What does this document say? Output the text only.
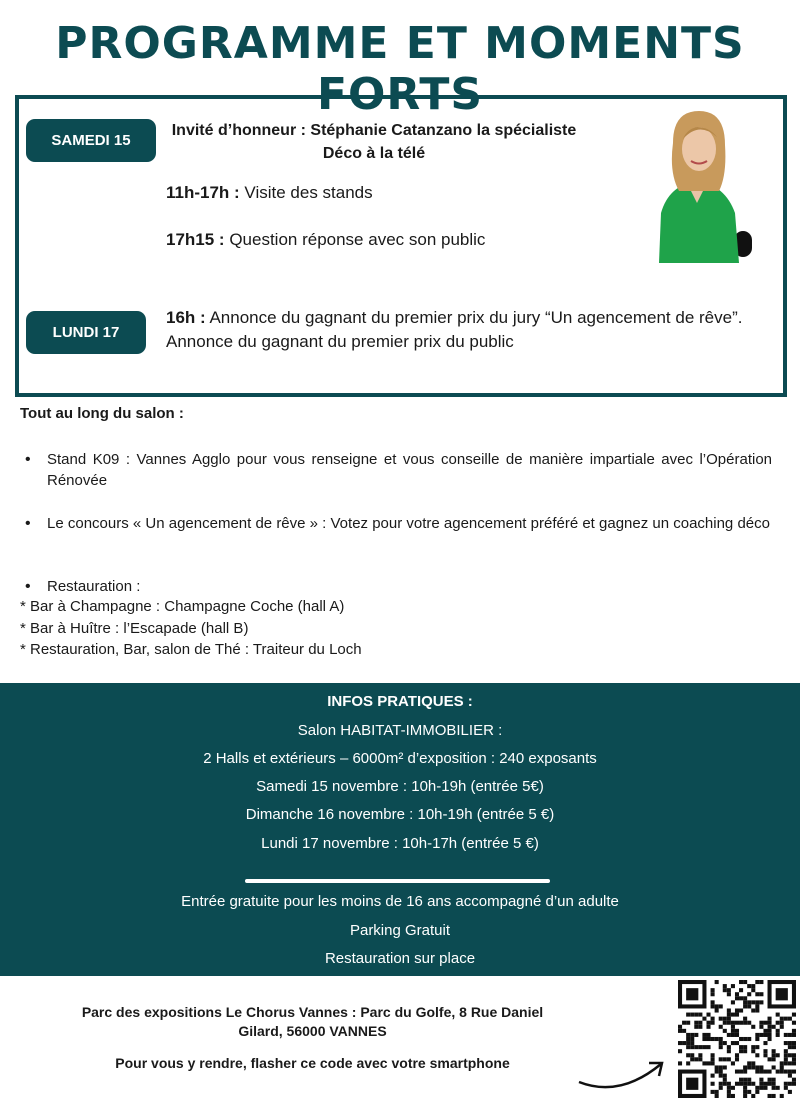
PROGRAMME ET MOMENTS FORTS
SAMEDI 15
Invité d’honneur : Stéphanie Catanzano la spécialiste Déco à la télé
11h-17h : Visite des stands
17h15 : Question réponse avec son public
LUNDI 17
16h : Annonce du gagnant du premier prix du jury “Un agencement de rêve”.
Annonce du gagnant du premier prix du public
Tout au long du salon :
• Stand K09 : Vannes Agglo pour vous renseigne et vous conseille de manière impartiale avec l’Opération Rénovée
• Le concours « Un agencement de rêve » : Votez pour votre agencement préféré et gagnez un coaching déco
• Restauration :
* Bar à Champagne : Champagne Coche (hall A)
* Bar à Huître : l’Escapade (hall B)
* Restauration, Bar, salon de Thé : Traiteur du Loch
INFOS PRATIQUES :
Salon HABITAT-IMMOBILIER :
2 Halls et extérieurs – 6000m² d’exposition : 240 exposants
Samedi 15 novembre : 10h-19h (entrée 5€)
Dimanche 16 novembre : 10h-19h (entrée 5 €)
Lundi 17 novembre : 10h-17h (entrée 5 €)
Entrée gratuite pour les moins de 16 ans accompagné d’un adulte
Parking Gratuit
Restauration sur place
Parc des expositions Le Chorus Vannes : Parc du Golfe, 8 Rue Daniel Gilard, 56000 VANNES
Pour vous y rendre, flasher ce code avec votre smartphone
